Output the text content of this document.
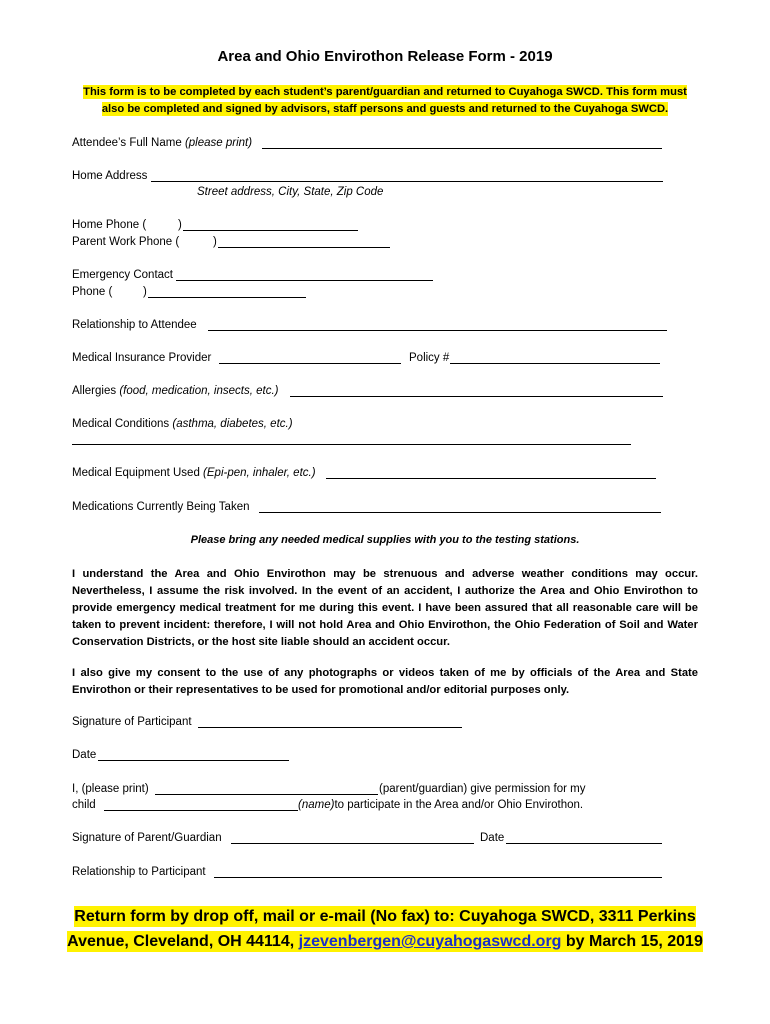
Area and Ohio Envirothon Release Form - 2019
This form is to be completed by each student’s parent/guardian and returned to Cuyahoga SWCD. This form must also be completed and signed by advisors, staff persons and guests and returned to the Cuyahoga SWCD.
Attendee’s Full Name (please print)
Home Address
Street address, City, State, Zip Code
Home Phone (	)
Parent Work Phone (	)
Emergency Contact
Phone (	)
Relationship to Attendee
Medical Insurance Provider	Policy #
Allergies (food, medication, insects, etc.)
Medical Conditions (asthma, diabetes, etc.)
Medical Equipment Used (Epi-pen, inhaler, etc.)
Medications Currently Being Taken
Please bring any needed medical supplies with you to the testing stations.
I understand the Area and Ohio Envirothon may be strenuous and adverse weather conditions may occur. Nevertheless, I assume the risk involved. In the event of an accident, I authorize the Area and Ohio Envirothon to provide emergency medical treatment for me during this event. I have been assured that all reasonable care will be taken to prevent incident: therefore, I will not hold Area and Ohio Envirothon, the Ohio Federation of Soil and Water Conservation Districts, or the host site liable should an accident occur.
I also give my consent to the use of any photographs or videos taken of me by officials of the Area and State Envirothon or their representatives to be used for promotional and/or editorial purposes only.
Signature of Participant
Date
I, (please print)	(parent/guardian) give permission for my
child	(name)to participate in the Area and/or Ohio Envirothon.
Signature of Parent/Guardian	Date
Relationship to Participant
Return form by drop off, mail or e-mail (No fax) to: Cuyahoga SWCD, 3311 Perkins Avenue, Cleveland, OH 44114, jzevenbergen@cuyahogaswcd.org by March 15, 2019
